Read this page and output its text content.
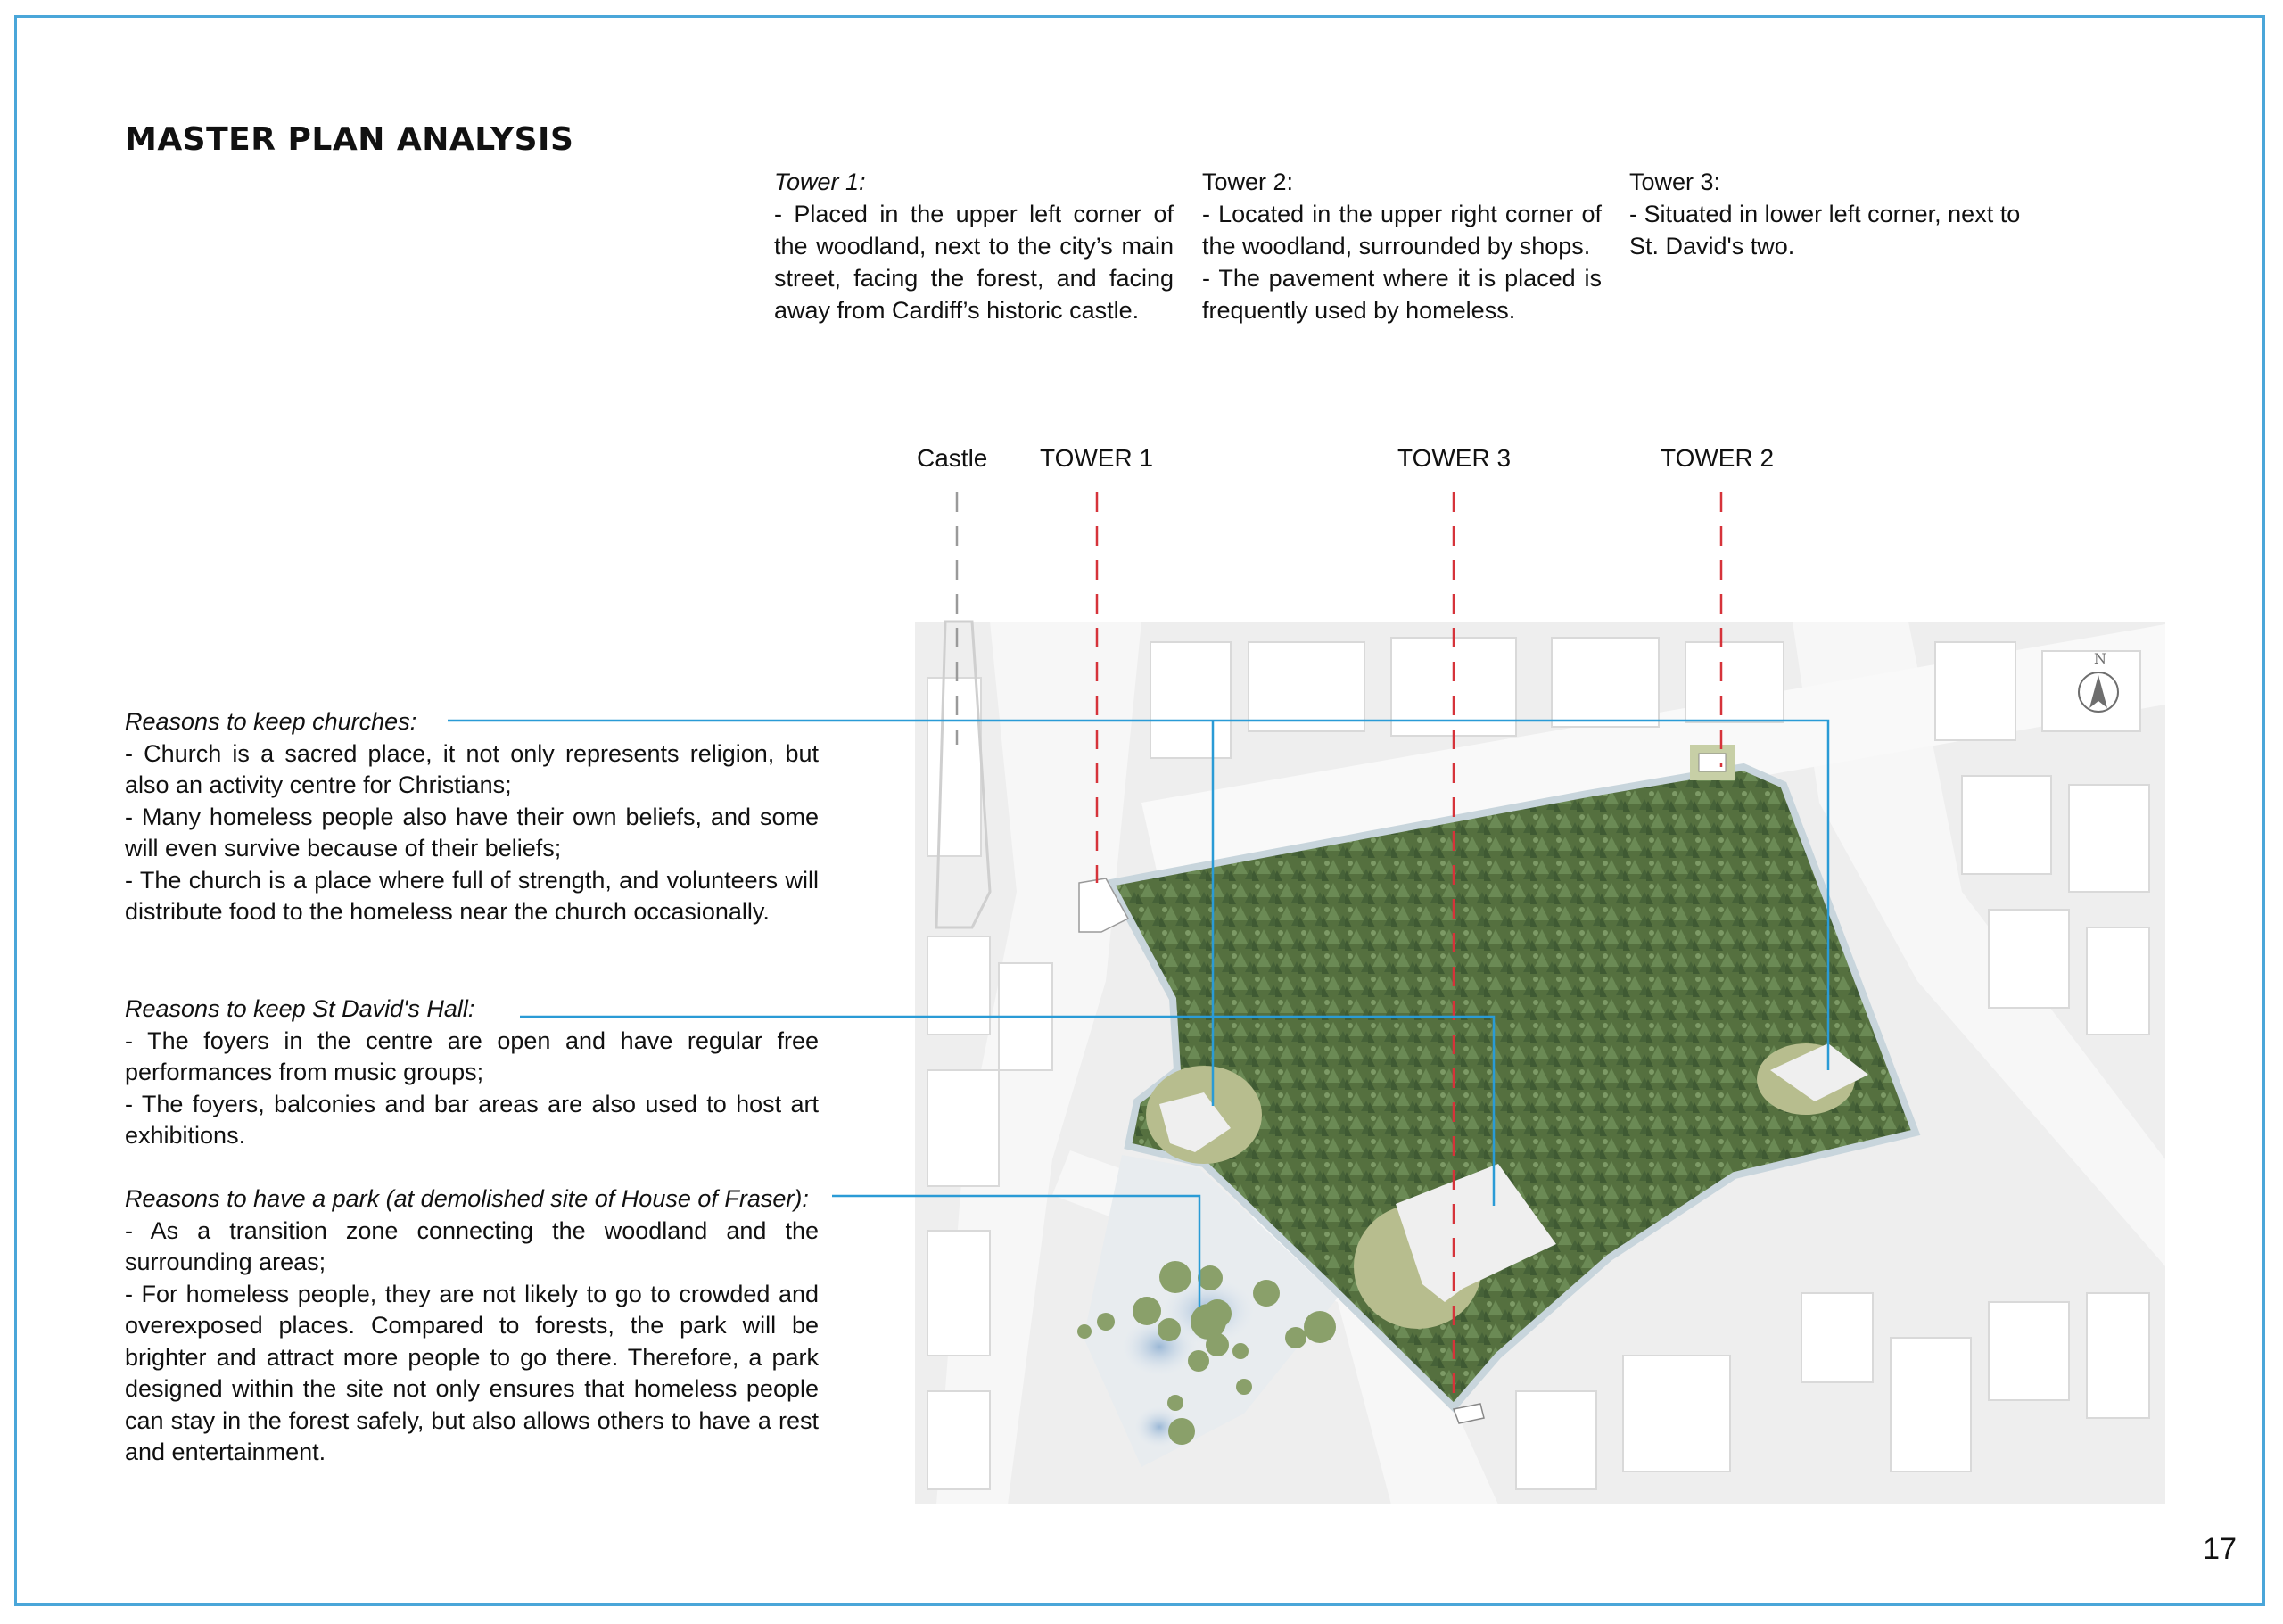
MASTER PLAN ANALYSIS

Tower 1:

- Placed in the upper left corner of the woodland, next to the city’s main street, facing the forest, and facing away from Cardiff’s historic castle.

Tower 2:

- Located in the upper right corner of the woodland, surrounded by shops.

- The pavement where it is placed is frequently used by homeless.

Tower 3:

- Situated in lower left corner, next to St. David's two.

Castle TOWER 1	TOWER 3	TOWER 2
N

Reasons to keep churches:

- Church is a sacred place, it not only represents religion, but also an activity centre for Christians;

- Many homeless people also have their own beliefs, and some will even survive because of their beliefs;

- The church is a place where full of strength, and volunteers will distribute food to the homeless near the church occasionally.

Reasons to keep St David's Hall:

- The foyers in the centre are open and have regular free performances from music groups;

- The foyers, balconies and bar areas are also used to host art exhibitions.

Reasons to have a park (at demolished site of House of Fraser):

- As a transition zone connecting the woodland and the surrounding areas;

- For homeless people, they are not likely to go to crowded and overexposed places. Compared to forests, the park will be brighter and attract more people to go there. Therefore, a park designed within the site not only ensures that homeless people can stay in the forest safely, but also allows others to have a rest and entertainment.

17
